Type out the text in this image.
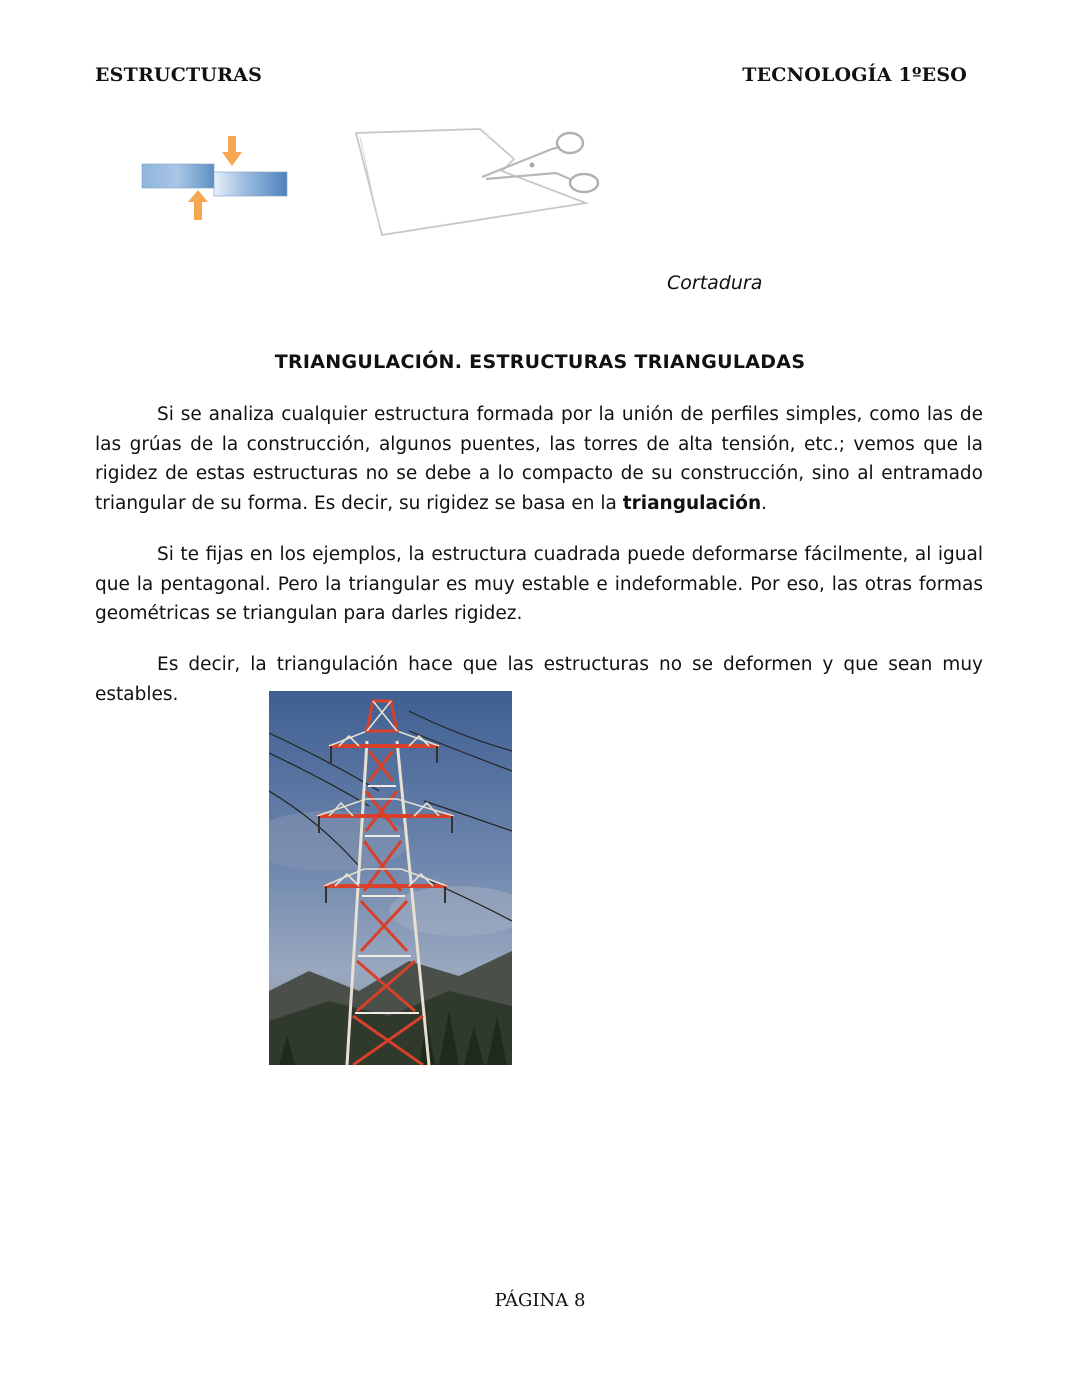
ESTRUCTURAS	TECNOLOGÍA 1ºESO
Cortadura
TRIANGULACIÓN. ESTRUCTURAS TRIANGULADAS
Si se analiza cualquier estructura formada por la unión de perfiles simples, como las de las grúas de la construcción, algunos puentes, las torres de alta tensión, etc.; vemos que la rigidez de estas estructuras no se debe a lo compacto de su construcción, sino al entramado triangular de su forma. Es decir, su rigidez se basa en la triangulación.
Si te fijas en los ejemplos, la estructura cuadrada puede deformarse fácilmente, al igual que la pentagonal. Pero la triangular es muy estable e indeformable. Por eso, las otras formas geométricas se triangulan para darles rigidez.
Es decir, la triangulación hace que las estructuras no se deformen y que sean muy estables.
PÁGINA 8
